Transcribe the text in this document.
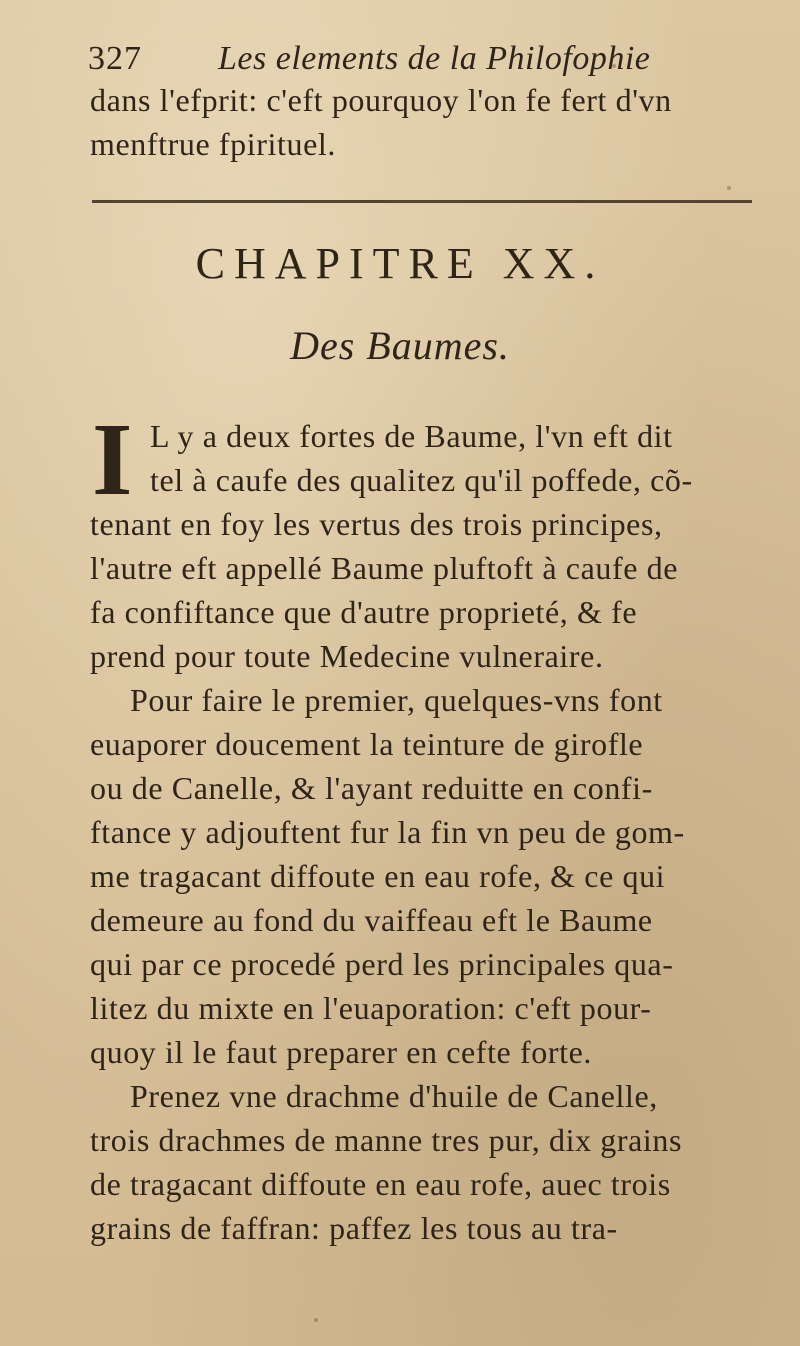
327 Les elements de la Philofophie
dans l'efprit: c'eft pourquoy l'on fe fert d'vn
menftrue fpirituel.
CHAPITRE XX.
Des Baumes.
I L y a deux fortes de Baume, l'vn eft dit
tel à caufe des qualitez qu'il poffede, cõ-
tenant en foy les vertus des trois principes,
l'autre eft appellé Baume pluftoft à caufe de
fa confiftance que d'autre proprieté, & fe
prend pour toute Medecine vulneraire.
Pour faire le premier, quelques-vns font
euaporer doucement la teinture de girofle
ou de Canelle, & l'ayant reduitte en confi-
ftance y adjouftent fur la fin vn peu de gom-
me tragacant diffoute en eau rofe, & ce qui
demeure au fond du vaiffeau eft le Baume
qui par ce procedé perd les principales qua-
litez du mixte en l'euaporation: c'eft pour-
quoy il le faut preparer en cefte forte.
Prenez vne drachme d'huile de Canelle,
trois drachmes de manne tres pur, dix grains
de tragacant diffoute en eau rofe, auec trois
grains de faffran: paffez les tous au tra-
